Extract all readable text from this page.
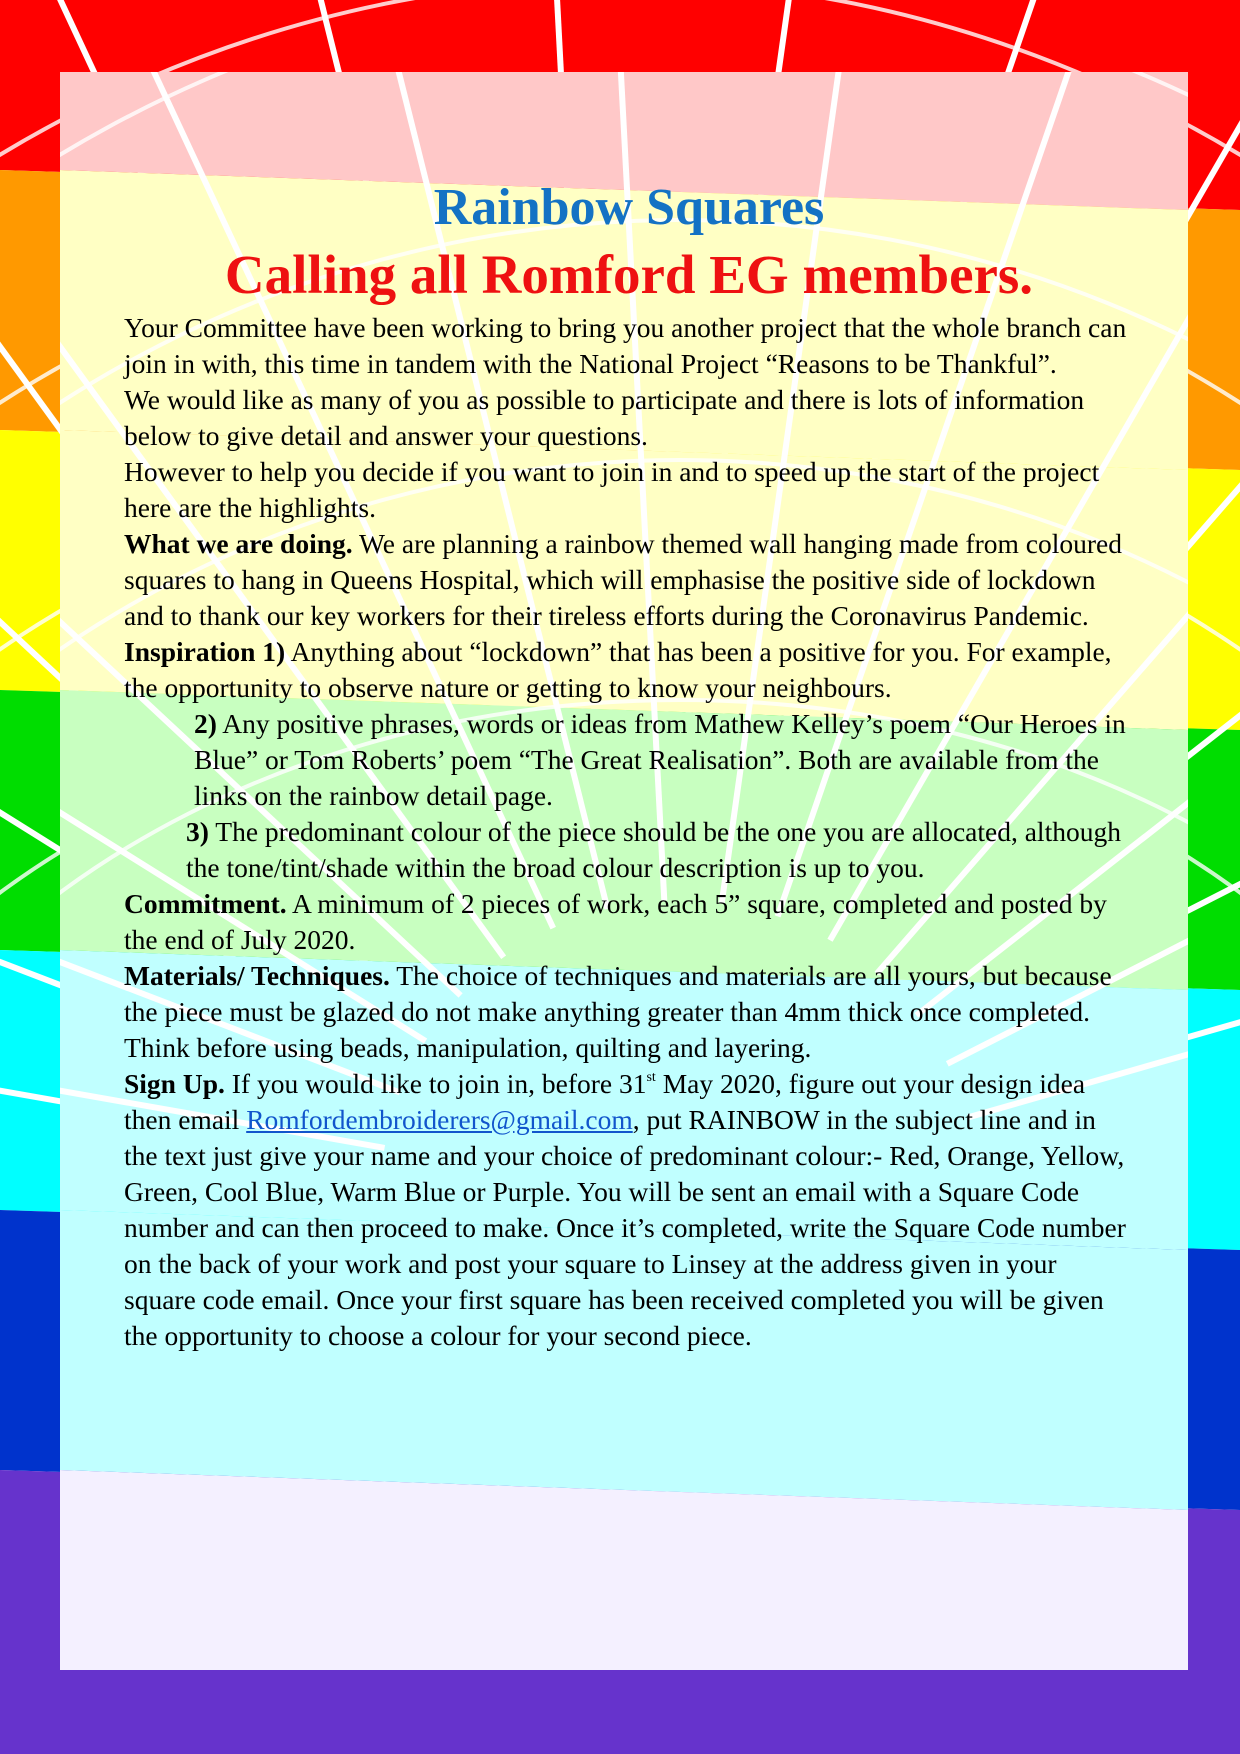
Rainbow Squares
Calling all Romford EG members.

Your Committee have been working to bring you another project that the whole branch can join in with, this time in tandem with the National Project “Reasons to be Thankful”.

We would like as many of you as possible to participate and there is lots of information below to give detail and answer your questions.

However to help you decide if you want to join in and to speed up the start of the project here are the highlights.

What we are doing. We are planning a rainbow themed wall hanging made from coloured squares to hang in Queens Hospital, which will emphasise the positive side of lockdown and to thank our key workers for their tireless efforts during the Coronavirus Pandemic.

Inspiration 1) Anything about “lockdown” that has been a positive for you. For example, the opportunity to observe nature or getting to know your neighbours.

2) Any positive phrases, words or ideas from Mathew Kelley’s poem “Our Heroes in Blue” or Tom Roberts’ poem “The Great Realisation”. Both are available from the links on the rainbow detail page.

3) The predominant colour of the piece should be the one you are allocated, although the tone/tint/shade within the broad colour description is up to you.

Commitment. A minimum of 2 pieces of work, each 5” square, completed and posted by the end of July 2020.

Materials/ Techniques. The choice of techniques and materials are all yours, but because the piece must be glazed do not make anything greater than 4mm thick once completed. Think before using beads, manipulation, quilting and layering.

Sign Up. If you would like to join in, before 31st May 2020, figure out your design idea then email Romfordembroiderers@gmail.com, put RAINBOW in the subject line and in the text just give your name and your choice of predominant colour:- Red, Orange, Yellow, Green, Cool Blue, Warm Blue or Purple. You will be sent an email with a Square Code number and can then proceed to make. Once it’s completed, write the Square Code number on the back of your work and post your square to Linsey at the address given in your square code email. Once your first square has been received completed you will be given the opportunity to choose a colour for your second piece.
